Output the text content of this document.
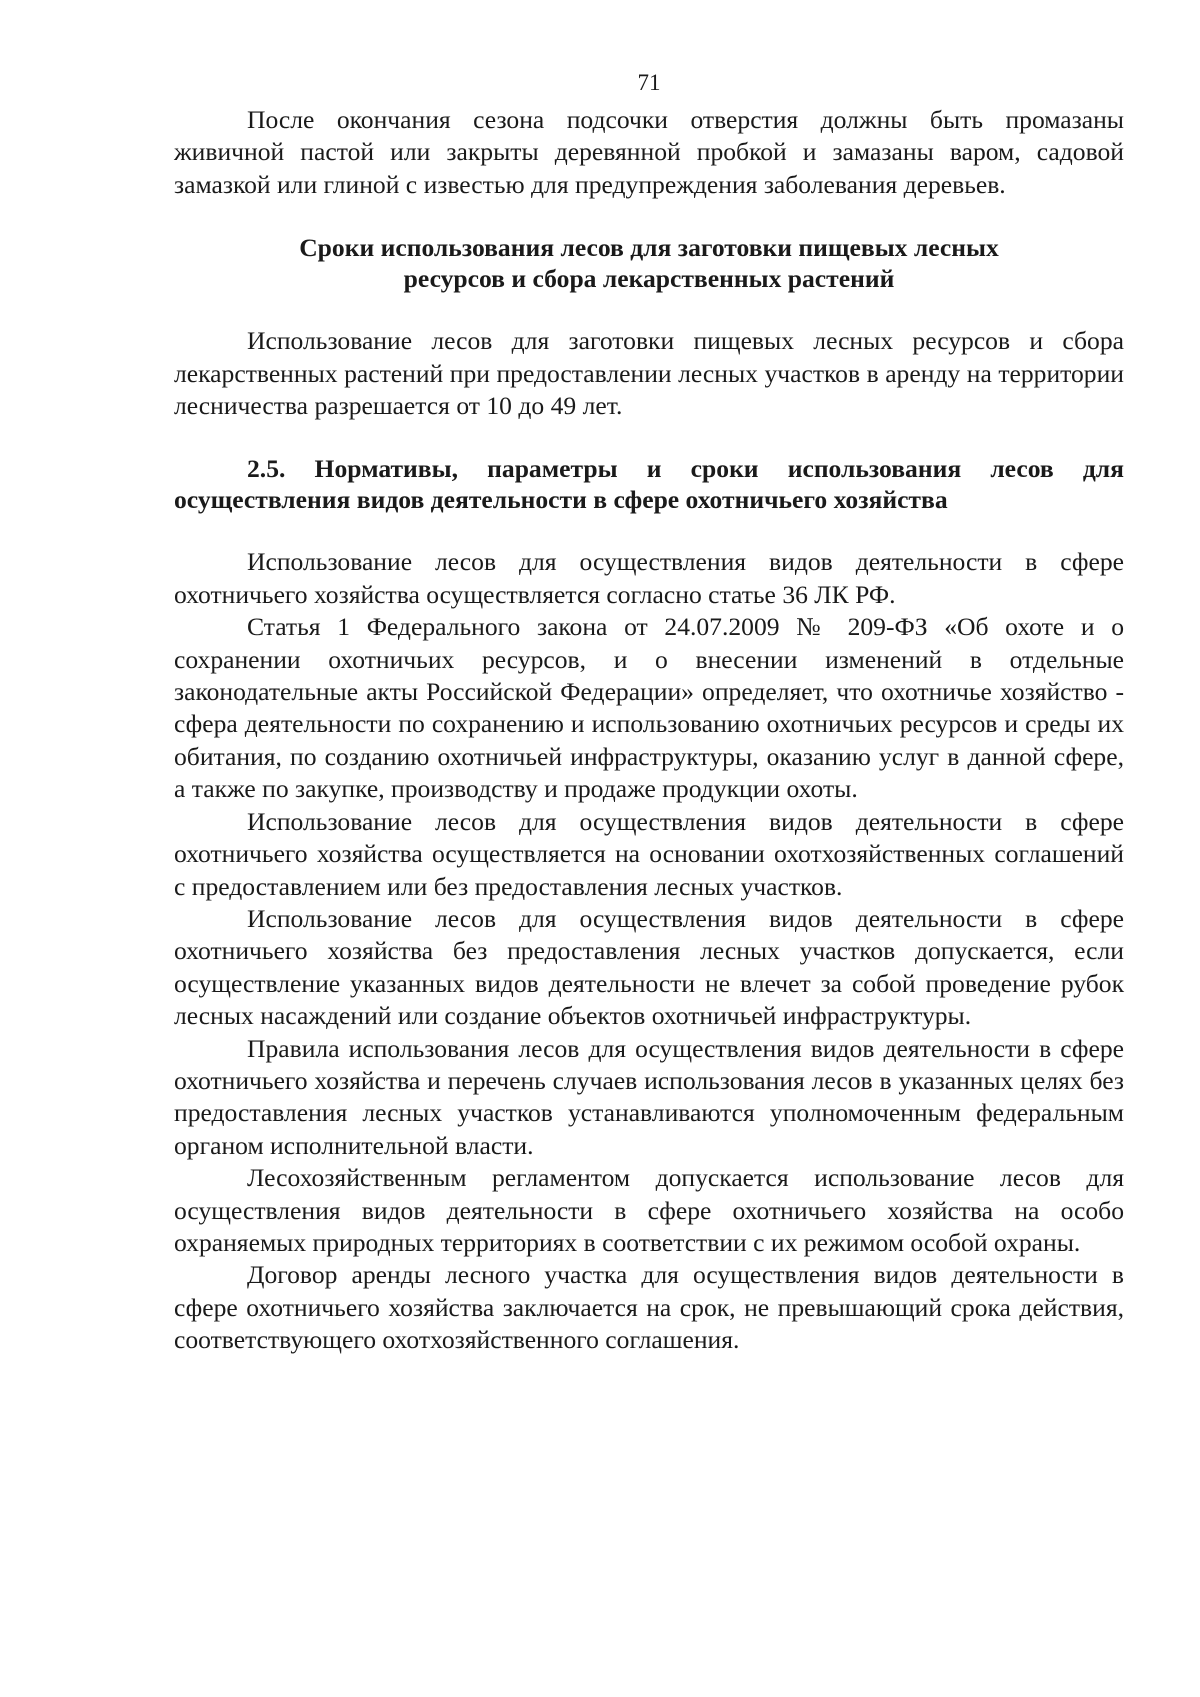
71

После окончания сезона подсочки отверстия должны быть промазаны живичной пастой или закрыты деревянной пробкой и замазаны варом, садовой замазкой или глиной с известью для предупреждения заболевания деревьев.

Сроки использования лесов для заготовки пищевых лесных
ресурсов и сбора лекарственных растений

Использование лесов для заготовки пищевых лесных ресурсов и сбора лекарственных растений при предоставлении лесных участков в аренду на территории лесничества разрешается от 10 до 49 лет.

2.5. Нормативы, параметры и сроки использования лесов для осуществления видов деятельности в сфере охотничьего хозяйства

Использование лесов для осуществления видов деятельности в сфере охотничьего хозяйства осуществляется согласно статье 36 ЛК РФ.

Статья 1 Федерального закона от 24.07.2009 № 209-ФЗ «Об охоте и о сохранении охотничьих ресурсов, и о внесении изменений в отдельные законодательные акты Российской Федерации» определяет, что охотничье хозяйство - сфера деятельности по сохранению и использованию охотничьих ресурсов и среды их обитания, по созданию охотничьей инфраструктуры, оказанию услуг в данной сфере, а также по закупке, производству и продаже продукции охоты.

Использование лесов для осуществления видов деятельности в сфере охотничьего хозяйства осуществляется на основании охотхозяйственных соглашений с предоставлением или без предоставления лесных участков.

Использование лесов для осуществления видов деятельности в сфере охотничьего хозяйства без предоставления лесных участков допускается, если осуществление указанных видов деятельности не влечет за собой проведение рубок лесных насаждений или создание объектов охотничьей инфраструктуры.

Правила использования лесов для осуществления видов деятельности в сфере охотничьего хозяйства и перечень случаев использования лесов в указанных целях без предоставления лесных участков устанавливаются уполномоченным федеральным органом исполнительной власти.

Лесохозяйственным регламентом допускается использование лесов для осуществления видов деятельности в сфере охотничьего хозяйства на особо охраняемых природных территориях в соответствии с их режимом особой охраны.

Договор аренды лесного участка для осуществления видов деятельности в сфере охотничьего хозяйства заключается на срок, не превышающий срока действия, соответствующего охотхозяйственного соглашения.
